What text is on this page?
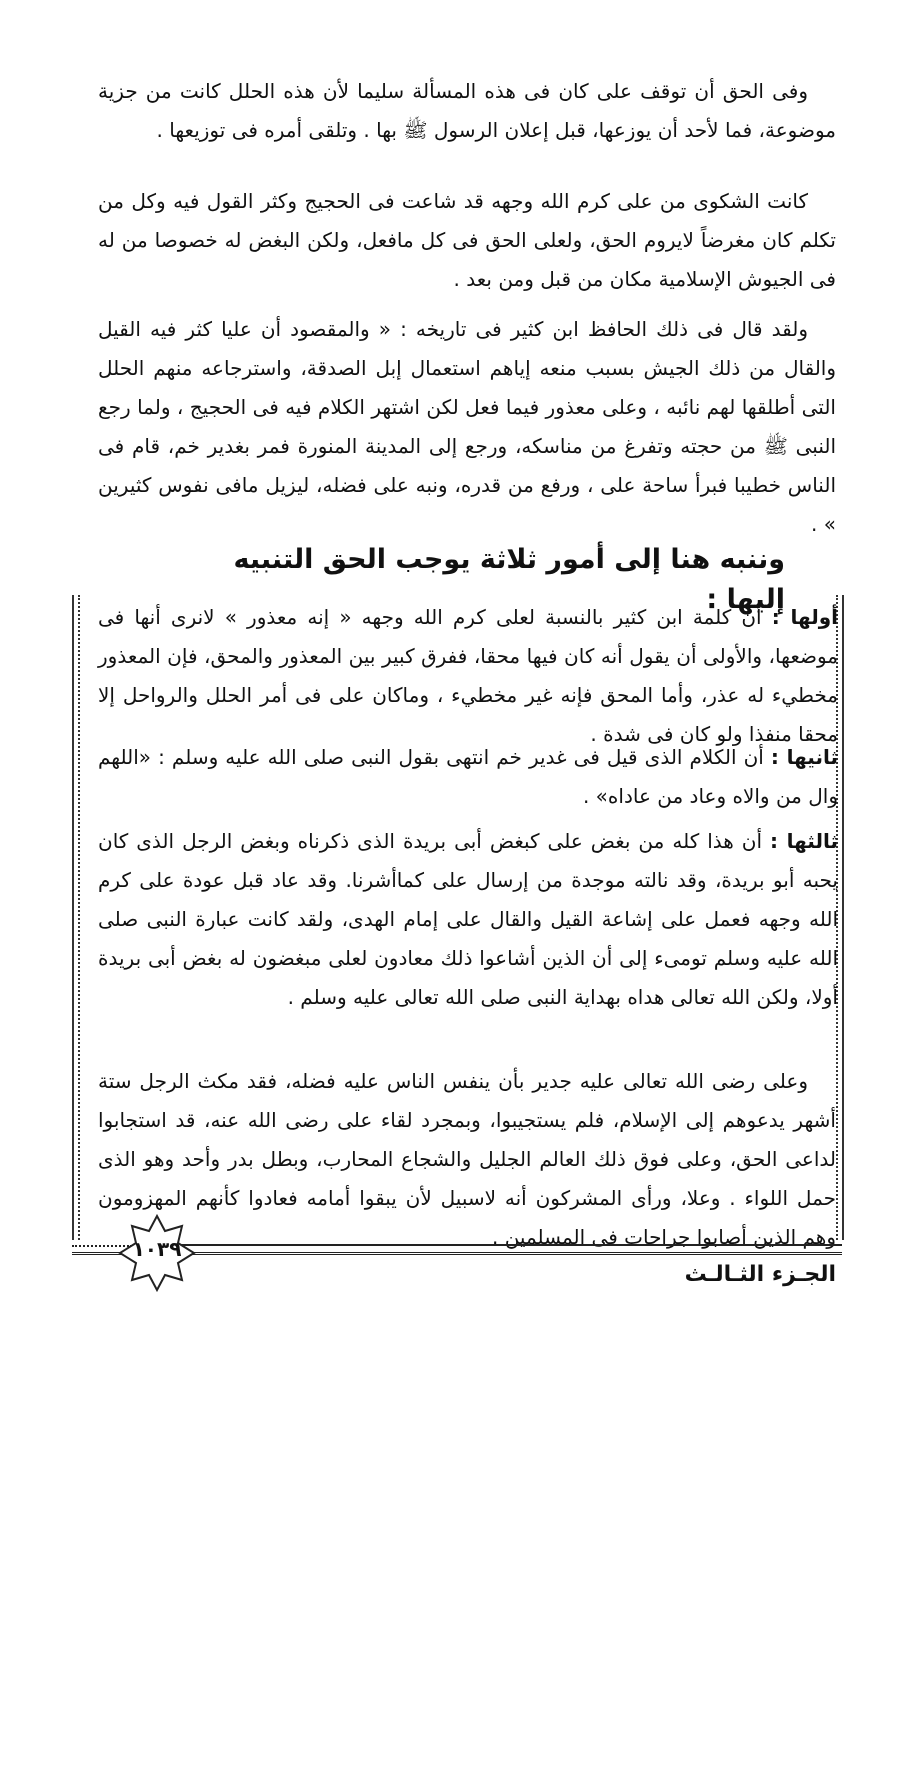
وفى الحق أن توقف على كان فى هذه المسألة سليما لأن هذه الحلل كانت من جزية موضوعة، فما لأحد أن يوزعها، قبل إعلان الرسول ﷺ بها . وتلقى أمره فى توزيعها .

كانت الشكوى من على كرم الله وجهه قد شاعت فى الحجيج وكثر القول فيه وكل من تكلم كان مغرضاً لايروم الحق، ولعلى الحق فى كل مافعل، ولكن البغض له خصوصا من له فى الجيوش الإسلامية مكان من قبل ومن بعد .

ولقد قال فى ذلك الحافظ ابن كثير فى تاريخه : « والمقصود أن عليا كثر فيه القيل والقال من ذلك الجيش بسبب منعه إياهم استعمال إبل الصدقة، واسترجاعه منهم الحلل التى أطلقها لهم نائبه ، وعلى معذور فيما فعل لكن اشتهر الكلام فيه فى الحجيج ، ولما رجع النبى ﷺ من حجته وتفرغ من مناسكه، ورجع إلى المدينة المنورة فمر بغدير خم، قام فى الناس خطيبا فبرأ ساحة على ، ورفع من قدره، ونبه على فضله، ليزيل مافى نفوس كثيرين » .

وننبه هنا إلى أمور ثلاثة يوجب الحق التنبيه إليها :
أولها : أن كلمة ابن كثير بالنسبة لعلى كرم الله وجهه « إنه معذور » لانرى أنها فى موضعها، والأولى أن يقول أنه كان فيها محقا، ففرق كبير بين المعذور والمحق، فإن المعذور مخطيء له عذر، وأما المحق فإنه غير مخطيء ، وماكان على فى أمر الحلل والرواحل إلا محقا منفذا ولو كان فى شدة .
ثانيها : أن الكلام الذى قيل فى غدير خم انتهى بقول النبى صلى الله عليه وسلم : «اللهم وال من والاه وعاد من عاداه» .
ثالثها : أن هذا كله من بغض على كبغض أبى بريدة الذى ذكرناه وبغض الرجل الذى كان يحبه أبو بريدة، وقد نالته موجدة من إرسال على كماأشرنا. وقد عاد قبل عودة على كرم الله وجهه فعمل على إشاعة القيل والقال على إمام الهدى، ولقد كانت عبارة النبى صلى الله عليه وسلم تومىء إلى أن الذين أشاعوا ذلك معادون لعلى مبغضون له بغض أبى بريدة أولا، ولكن الله تعالى هداه بهداية النبى صلى الله تعالى عليه وسلم .

وعلى رضى الله تعالى عليه جدير بأن ينفس الناس عليه فضله، فقد مكث الرجل ستة أشهر يدعوهم إلى الإسلام، فلم يستجيبوا، وبمجرد لقاء على رضى الله عنه، قد استجابوا لداعى الحق، وعلى فوق ذلك العالم الجليل والشجاع المحارب، وبطل بدر وأحد وهو الذى حمل اللواء . وعلا، ورأى المشركون أنه لاسبيل لأن يبقوا أمامه فعادوا كأنهم المهزومون وهم الذين أصابوا جراحات فى المسلمين .

١٠٣٩
الجـزء الثـالـث
